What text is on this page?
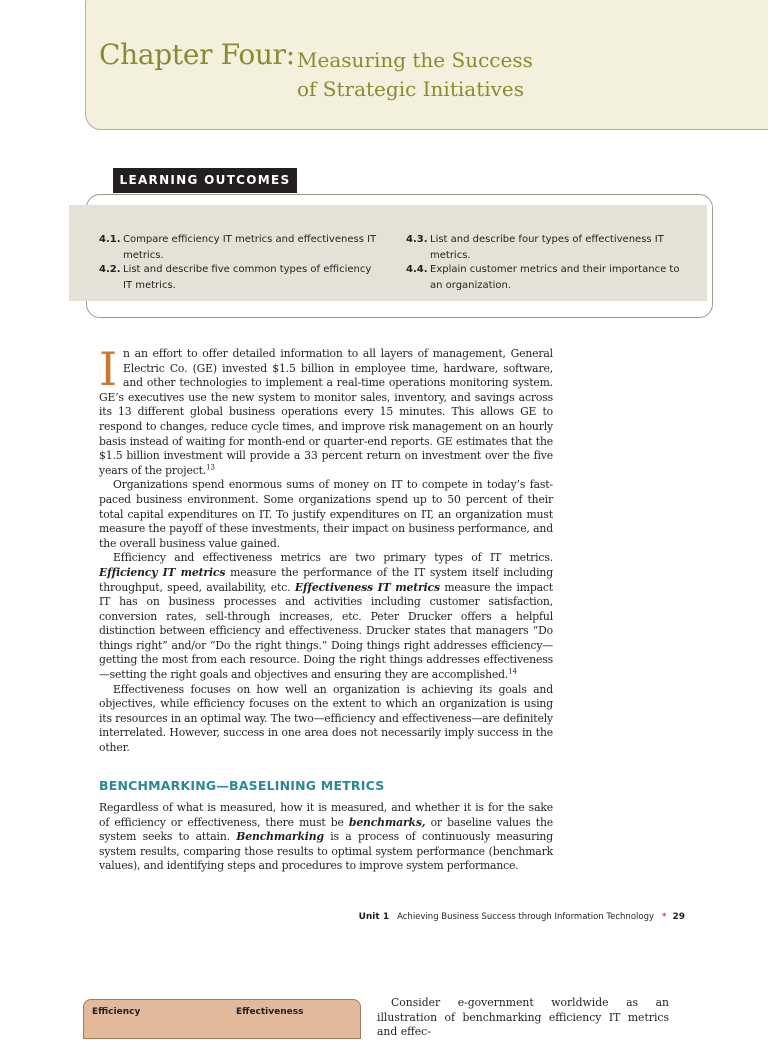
Chapter Four: Measuring the Success
of Strategic Initiatives
LEARNING OUTCOMES
4.1. Compare efficiency IT metrics and effectiveness IT metrics.
4.2. List and describe five common types of efficiency IT metrics.
4.3. List and describe four types of effectiveness IT metrics.
4.4. Explain customer metrics and their importance to an organization.

In an effort to offer detailed information to all layers of management, General Electric Co. (GE) invested $1.5 billion in employee time, hardware, software, and other technologies to implement a real-time operations monitoring system. GE’s executives use the new system to monitor sales, inventory, and savings across its 13 different global business operations every 15 minutes. This allows GE to respond to changes, reduce cycle times, and improve risk management on an hourly basis instead of waiting for month-end or quarter-end reports. GE estimates that the $1.5 billion investment will provide a 33 percent return on investment over the five years of the project.$^{13}$

Organizations spend enormous sums of money on IT to compete in today’s fast-paced business environment. Some organizations spend up to 50 percent of their total capital expenditures on IT. To justify expenditures on IT, an organization must measure the payoff of these investments, their impact on business performance, and the overall business value gained.

Efficiency and effectiveness metrics are two primary types of IT metrics. Efficiency IT metrics measure the performance of the IT system itself including throughput, speed, availability, etc. Effectiveness IT metrics measure the impact IT has on business processes and activities including customer satisfaction, conversion rates, sell-through increases, etc. Peter Drucker offers a helpful distinction between efficiency and effectiveness. Drucker states that managers “Do things right” and/or “Do the right things.” Doing things right addresses efficiency—getting the most from each resource. Doing the right things addresses effectiveness—setting the right goals and objectives and ensuring they are accomplished.$^{14}$

Effectiveness focuses on how well an organization is achieving its goals and objectives, while efficiency focuses on the extent to which an organization is using its resources in an optimal way. The two—efficiency and effectiveness—are definitely interrelated. However, success in one area does not necessarily imply success in the other.

BENCHMARKING—BASELINING METRICS

Regardless of what is measured, how it is measured, and whether it is for the sake of efficiency or effectiveness, there must be benchmarks, or baseline values the system seeks to attain. Benchmarking is a process of continuously measuring system results, comparing those results to optimal system performance (benchmark values), and identifying steps and procedures to improve system performance.

Unit 1 Achieving Business Success through Information Technology * 29
Efficiency	Effectiveness

Consider e-government worldwide as an illustration of benchmarking efficiency IT metrics and effec-
